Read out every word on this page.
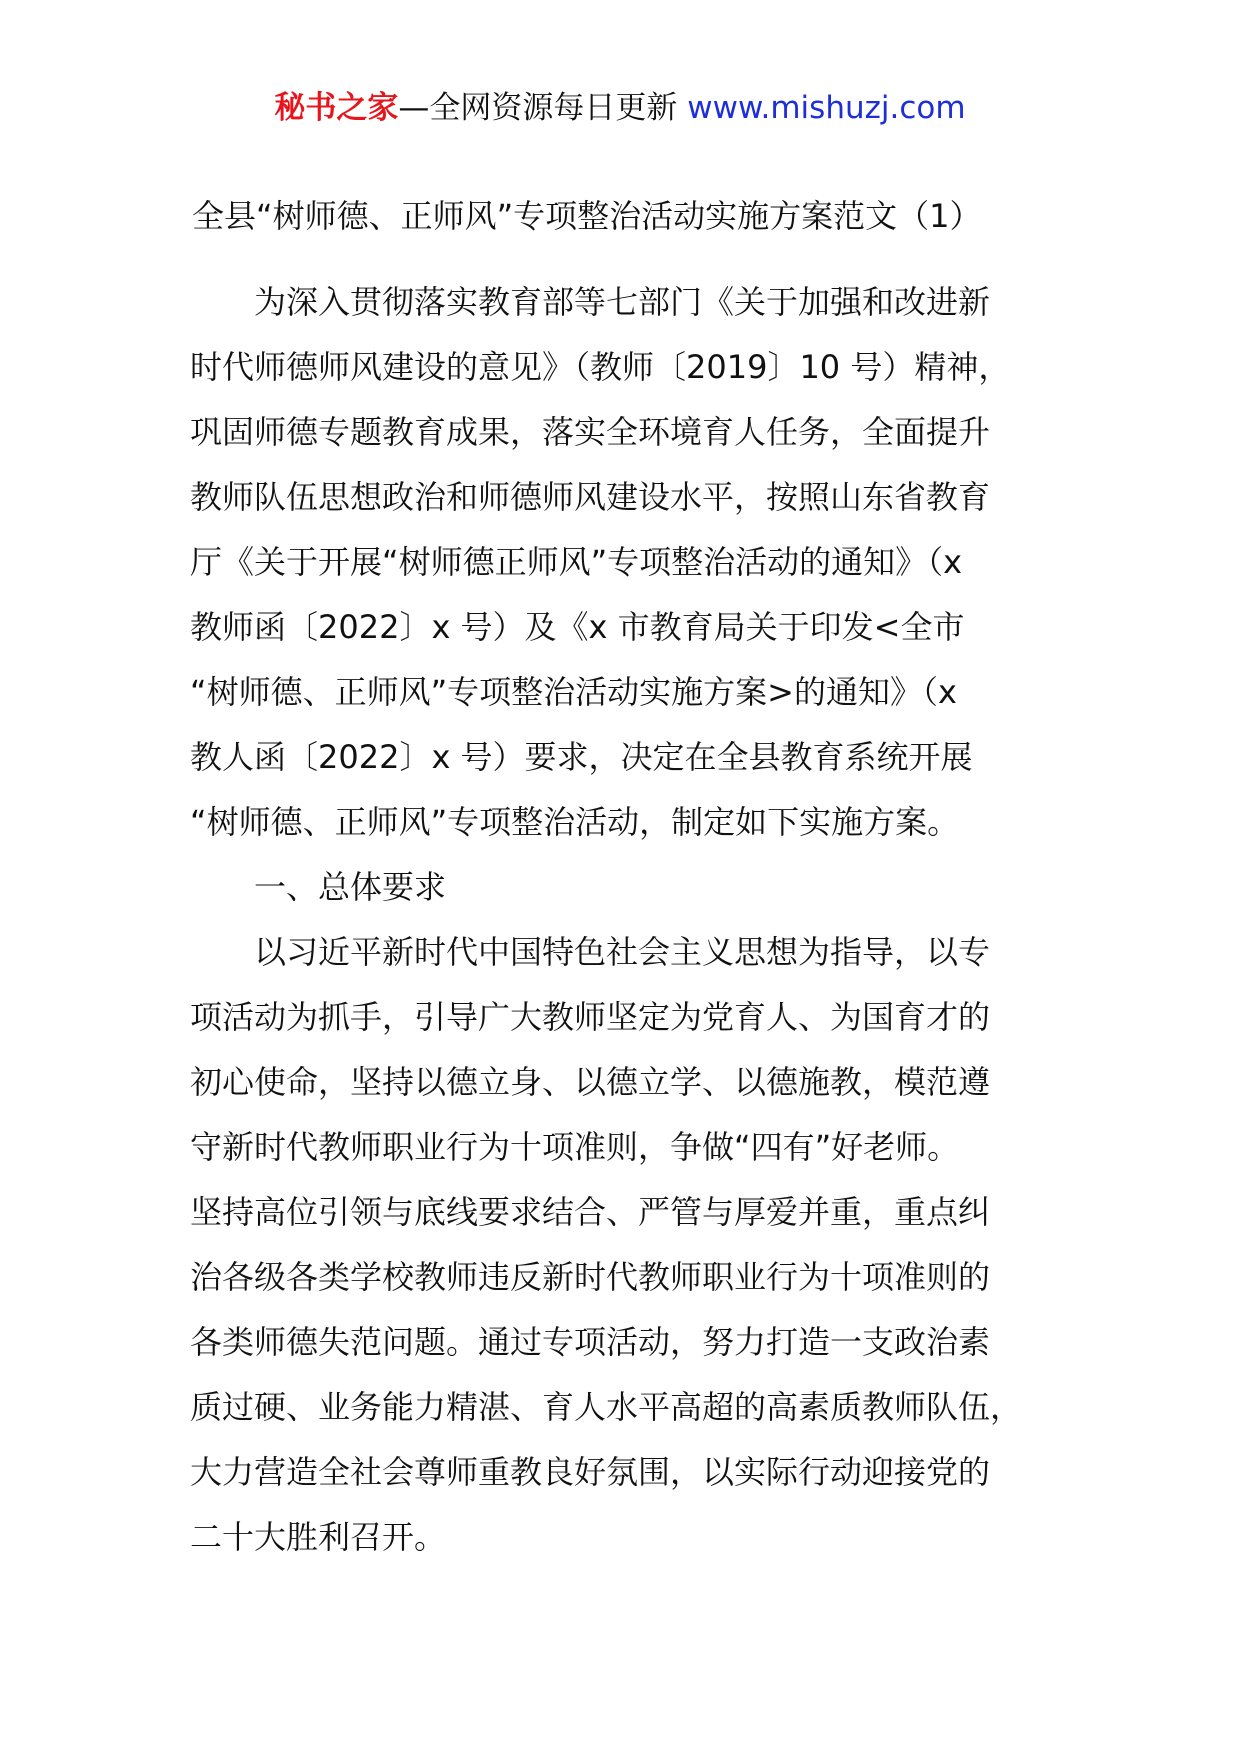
秘书之家—全网资源每日更新 www.mishuzj.com
全县“树师德、正师风”专项整治活动实施方案范文（1）
　　为深入贯彻落实教育部等七部门《关于加强和改进新
时代师德师风建设的意见》（教师〔2019〕10 号）精神，
巩固师德专题教育成果，落实全环境育人任务，全面提升
教师队伍思想政治和师德师风建设水平，按照山东省教育
厅《关于开展“树师德正师风”专项整治活动的通知》（x
教师函〔2022〕x 号）及《x 市教育局关于印发<全市
“树师德、正师风”专项整治活动实施方案>的通知》（x
教人函〔2022〕x 号）要求，决定在全县教育系统开展
“树师德、正师风”专项整治活动，制定如下实施方案。
　　一、总体要求
　　以习近平新时代中国特色社会主义思想为指导，以专
项活动为抓手，引导广大教师坚定为党育人、为国育才的
初心使命，坚持以德立身、以德立学、以德施教，模范遵
守新时代教师职业行为十项准则，争做“四有”好老师。
坚持高位引领与底线要求结合、严管与厚爱并重，重点纠
治各级各类学校教师违反新时代教师职业行为十项准则的
各类师德失范问题。通过专项活动，努力打造一支政治素
质过硬、业务能力精湛、育人水平高超的高素质教师队伍，
大力营造全社会尊师重教良好氛围，以实际行动迎接党的
二十大胜利召开。
